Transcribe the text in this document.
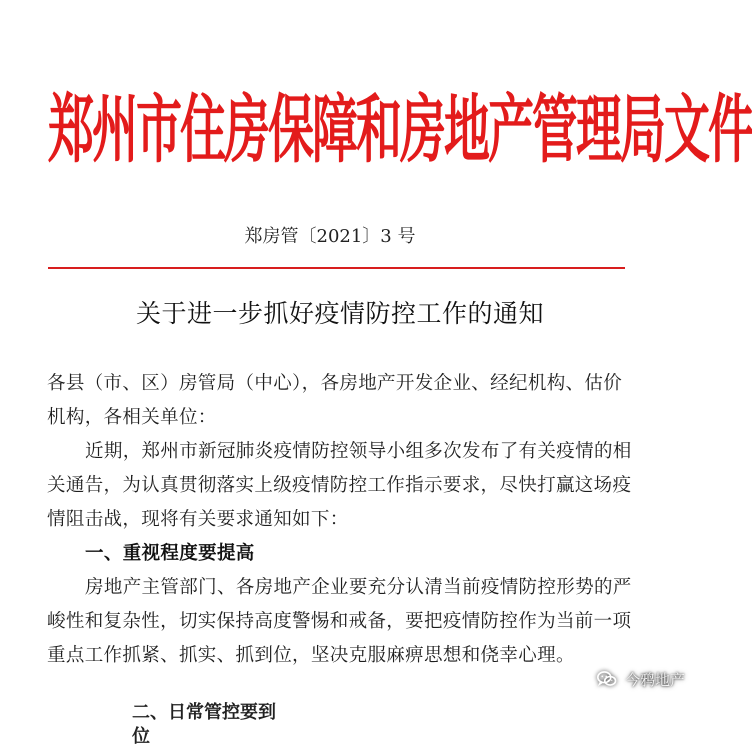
郑州市住房保障和房地产管理局文件
郑房管〔2021〕3 号
关于进一步抓好疫情防控工作的通知

各县（市、区）房管局（中心），各房地产开发企业、经纪机构、估价机构，各相关单位：

近期，郑州市新冠肺炎疫情防控领导小组多次发布了有关疫情的相关通告，为认真贯彻落实上级疫情防控工作指示要求，尽快打赢这场疫情阻击战，现将有关要求通知如下：

一、重视程度要提高

房地产主管部门、各房地产企业要充分认清当前疫情防控形势的严峻性和复杂性，切实保持高度警惕和戒备，要把疫情防控作为当前一项重点工作抓紧、抓实、抓到位，坚决克服麻痹思想和侥幸心理。

二、日常管控要到位
今鸦地产
